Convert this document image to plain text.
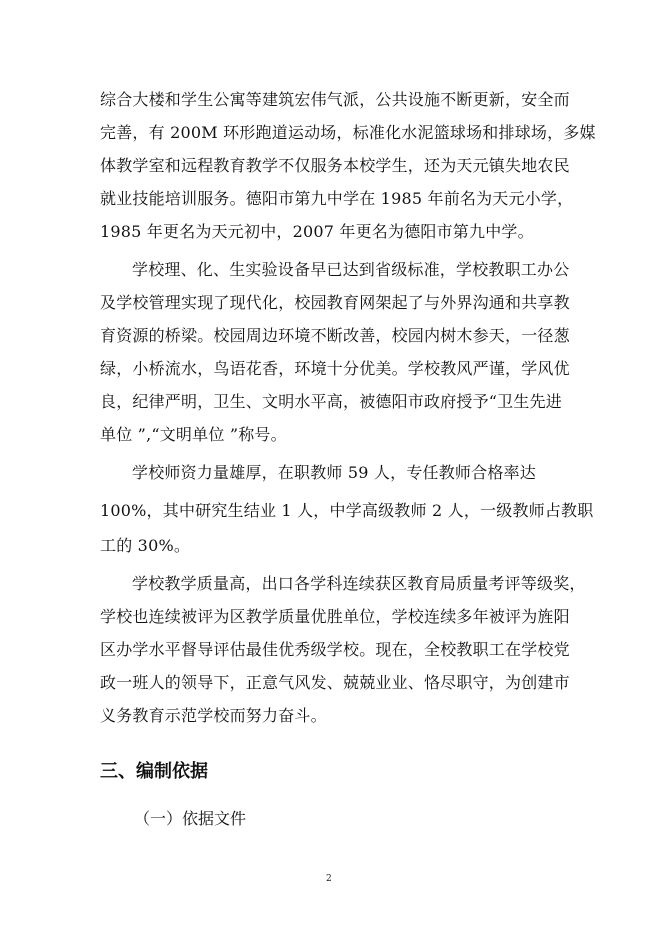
综合大楼和学生公寓等建筑宏伟气派，公共设施不断更新，安全而
完善，有 200M 环形跑道运动场，标准化水泥篮球场和排球场，多媒
体教学室和远程教育教学不仅服务本校学生，还为天元镇失地农民
就业技能培训服务。德阳市第九中学在 1985 年前名为天元小学，
1985 年更名为天元初中，2007 年更名为德阳市第九中学。
学校理、化、生实验设备早已达到省级标准，学校教职工办公
及学校管理实现了现代化，校园教育网架起了与外界沟通和共享教
育资源的桥梁。校园周边环境不断改善，校园内树木参天，一径葱
绿，小桥流水，鸟语花香，环境十分优美。学校教风严谨，学风优
良，纪律严明，卫生、文明水平高，被德阳市政府授予“卫生先进
单位 ”,“文明单位 ”称号。
学校师资力量雄厚，在职教师 59 人，专任教师合格率达
100%，其中研究生结业 1 人，中学高级教师 2 人，一级教师占教职
工的 30%。
学校教学质量高，出口各学科连续获区教育局质量考评等级奖，
学校也连续被评为区教学质量优胜单位，学校连续多年被评为旌阳
区办学水平督导评估最佳优秀级学校。现在，全校教职工在学校党
政一班人的领导下，正意气风发、兢兢业业、恪尽职守，为创建市
义务教育示范学校而努力奋斗。
三、编制依据
（一）依据文件
2
